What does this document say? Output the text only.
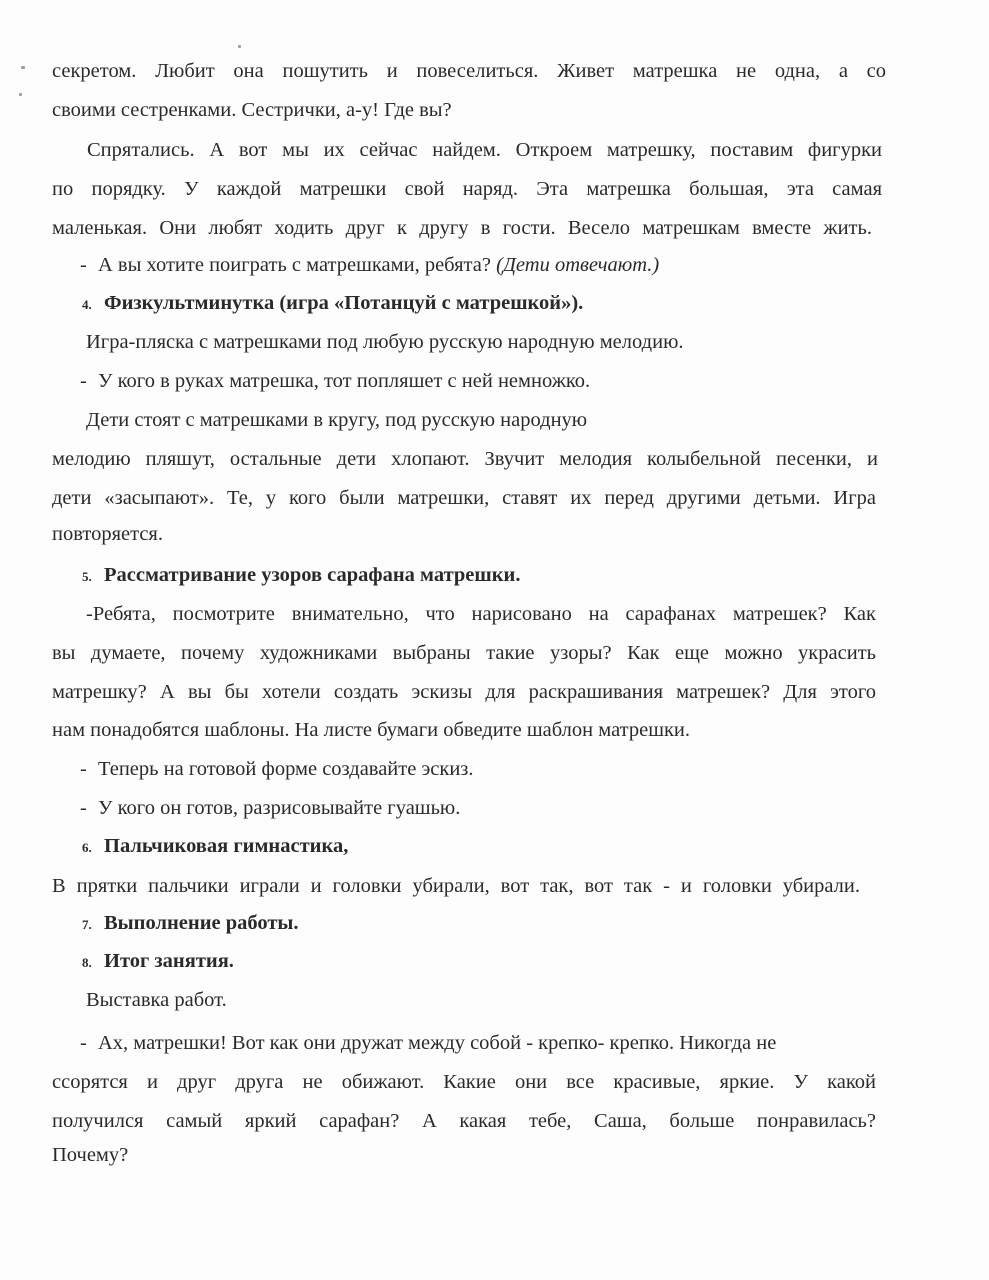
секретом. Любит она пошутить и повеселиться. Живет матрешка не одна, а со
своими сестренками. Сестрички, а-у! Где вы?
Спрятались. А вот мы их сейчас найдем. Откроем матрешку, поставим фигурки
по порядку. У каждой матрешки свой наряд. Эта матрешка большая, эта самая
маленькая. Они любят ходить друг к другу в гости. Весело матрешкам вместе жить.
- А вы хотите поиграть с матрешками, ребята? (Дети отвечают.)
4. Физкультминутка (игра «Потанцуй с матрешкой»).
Игра-пляска с матрешками под любую русскую народную мелодию.
- У кого в руках матрешка, тот попляшет с ней немножко.
Дети стоят с матрешками в кругу, под русскую народную
мелодию пляшут, остальные дети хлопают. Звучит мелодия колыбельной песенки, и
дети «засыпают». Те, у кого были матрешки, ставят их перед другими детьми. Игра
повторяется.
5. Рассматривание узоров сарафана матрешки.
-Ребята, посмотрите внимательно, что нарисовано на сарафанах матрешек? Как
вы думаете, почему художниками выбраны такие узоры? Как еще можно украсить
матрешку? А вы бы хотели создать эскизы для раскрашивания матрешек? Для этого
нам понадобятся шаблоны. На листе бумаги обведите шаблон матрешки.
- Теперь на готовой форме создавайте эскиз.
- У кого он готов, разрисовывайте гуашью.
6. Пальчиковая гимнастика,
В прятки пальчики играли и головки убирали, вот так, вот так - и головки убирали.
7. Выполнение работы.
8. Итог занятия.
Выставка работ.
- Ах, матрешки! Вот как они дружат между собой - крепко- крепко. Никогда не
ссорятся и друг друга не обижают. Какие они все красивые, яркие. У какой
получился самый яркий сарафан? А какая тебе, Саша, больше понравилась?
Почему?
